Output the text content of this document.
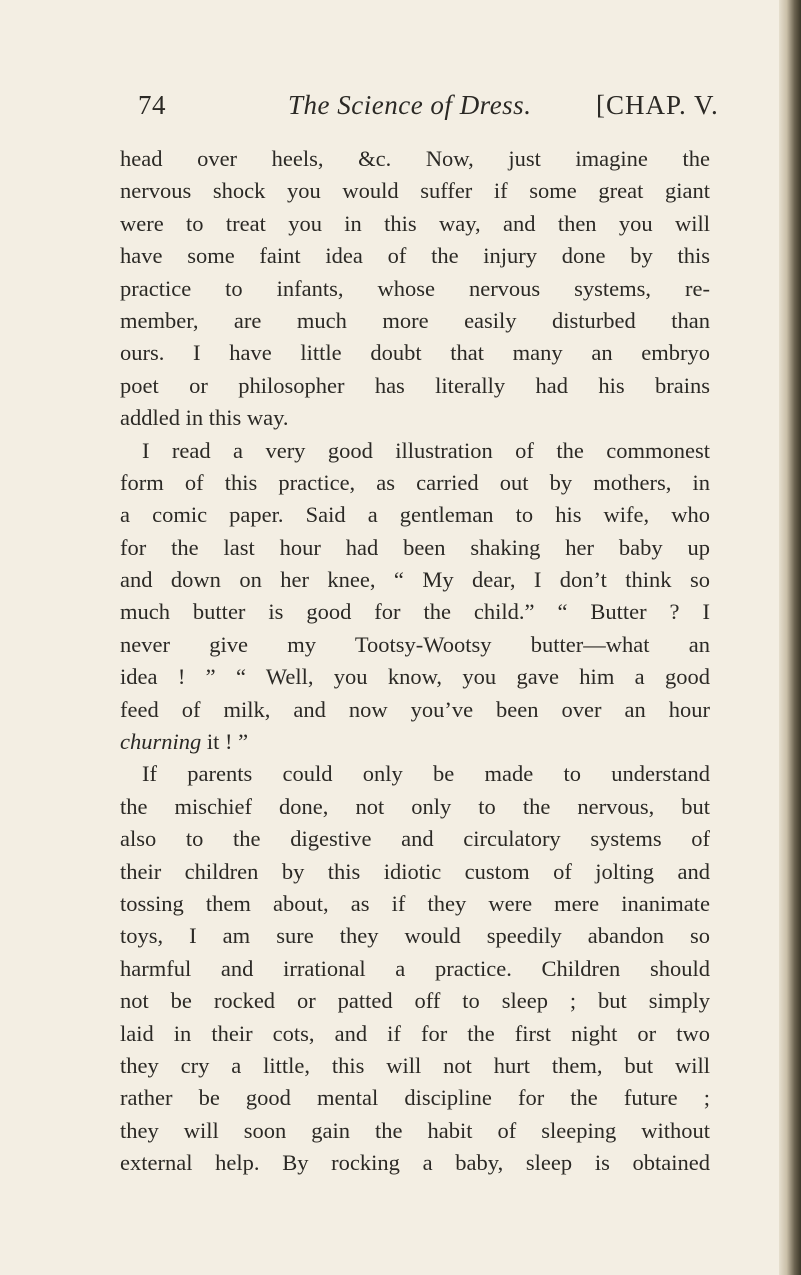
74	The Science of Dress. [CHAP. V.
head over heels, &c. Now, just imagine the
nervous shock you would suffer if some great giant
were to treat you in this way, and then you will
have some faint idea of the injury done by this
practice to infants, whose nervous systems, re-
member, are much more easily disturbed than
ours. I have little doubt that many an embryo
poet or philosopher has literally had his brains
addled in this way.
I read a very good illustration of the commonest
form of this practice, as carried out by mothers, in
a comic paper. Said a gentleman to his wife, who
for the last hour had been shaking her baby up
and down on her knee, “ My dear, I don’t think so
much butter is good for the child.” “ Butter ? I
never give my Tootsy-Wootsy butter—what an
idea ! ” “ Well, you know, you gave him a good
feed of milk, and now you’ve been over an hour
churning it ! ”
If parents could only be made to understand
the mischief done, not only to the nervous, but
also to the digestive and circulatory systems of
their children by this idiotic custom of jolting and
tossing them about, as if they were mere inanimate
toys, I am sure they would speedily abandon so
harmful and irrational a practice. Children should
not be rocked or patted off to sleep ; but simply
laid in their cots, and if for the first night or two
they cry a little, this will not hurt them, but will
rather be good mental discipline for the future ;
they will soon gain the habit of sleeping without
external help. By rocking a baby, sleep is obtained
